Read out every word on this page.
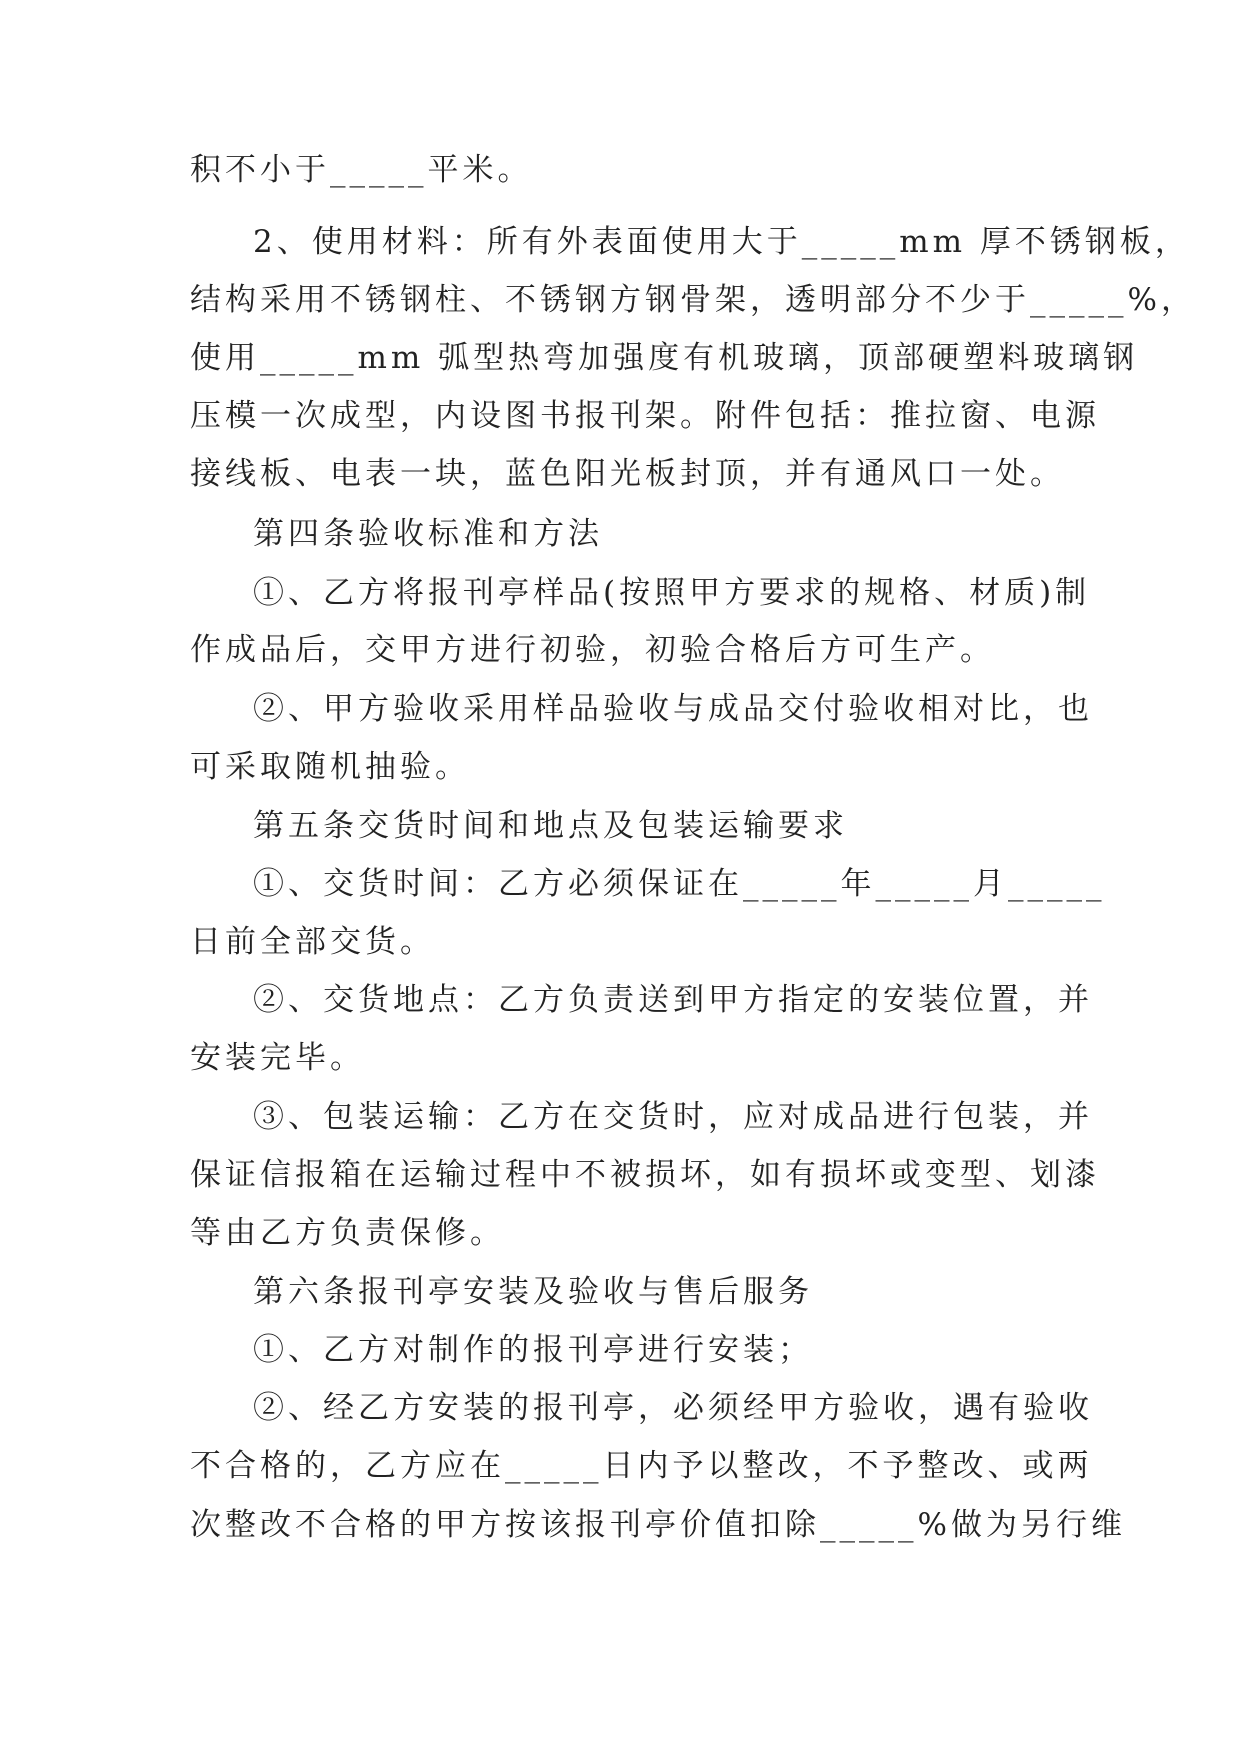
积不小于_____平米。
2、使用材料：所有外表面使用大于_____mm 厚不锈钢板，
结构采用不锈钢柱、不锈钢方钢骨架，透明部分不少于_____%，
使用_____mm 弧型热弯加强度有机玻璃，顶部硬塑料玻璃钢
压模一次成型，内设图书报刊架。附件包括：推拉窗、电源
接线板、电表一块，蓝色阳光板封顶，并有通风口一处。
第四条验收标准和方法
①、乙方将报刊亭样品(按照甲方要求的规格、材质)制
作成品后，交甲方进行初验，初验合格后方可生产。
②、甲方验收采用样品验收与成品交付验收相对比，也
可采取随机抽验。
第五条交货时间和地点及包装运输要求
①、交货时间：乙方必须保证在_____年_____月_____
日前全部交货。
②、交货地点：乙方负责送到甲方指定的安装位置，并
安装完毕。
③、包装运输：乙方在交货时，应对成品进行包装，并
保证信报箱在运输过程中不被损坏，如有损坏或变型、划漆
等由乙方负责保修。
第六条报刊亭安装及验收与售后服务
①、乙方对制作的报刊亭进行安装；
②、经乙方安装的报刊亭，必须经甲方验收，遇有验收
不合格的，乙方应在_____日内予以整改，不予整改、或两
次整改不合格的甲方按该报刊亭价值扣除_____%做为另行维
